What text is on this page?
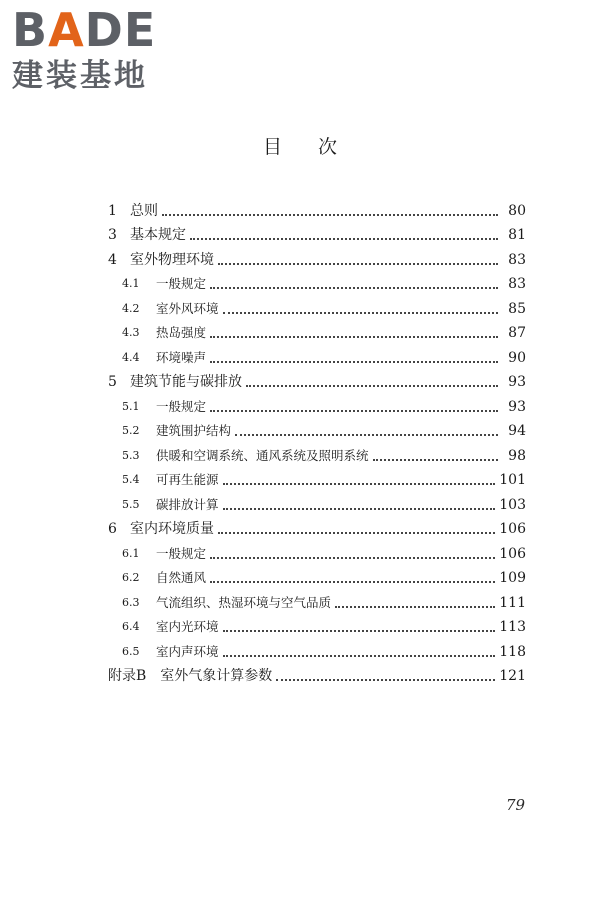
BADE
建装基地
目次
1 总则	80
3 基本规定	81
4 室外物理环境	83
4.1	一般规定	83
4.2	室外风环境	85
4.3	热岛强度	87
4.4	环境噪声	90
5 建筑节能与碳排放	93
5.1	一般规定	93
5.2	建筑围护结构	94
5.3	供暖和空调系统、通风系统及照明系统	98
5.4	可再生能源	101
5.5	碳排放计算	103
6 室内环境质量	106
6.1	一般规定	106
6.2	自然通风	109
6.3	气流组织、热湿环境与空气品质	111
6.4	室内光环境	113
6.5	室内声环境	118
附录B　室外气象计算参数	121
79
